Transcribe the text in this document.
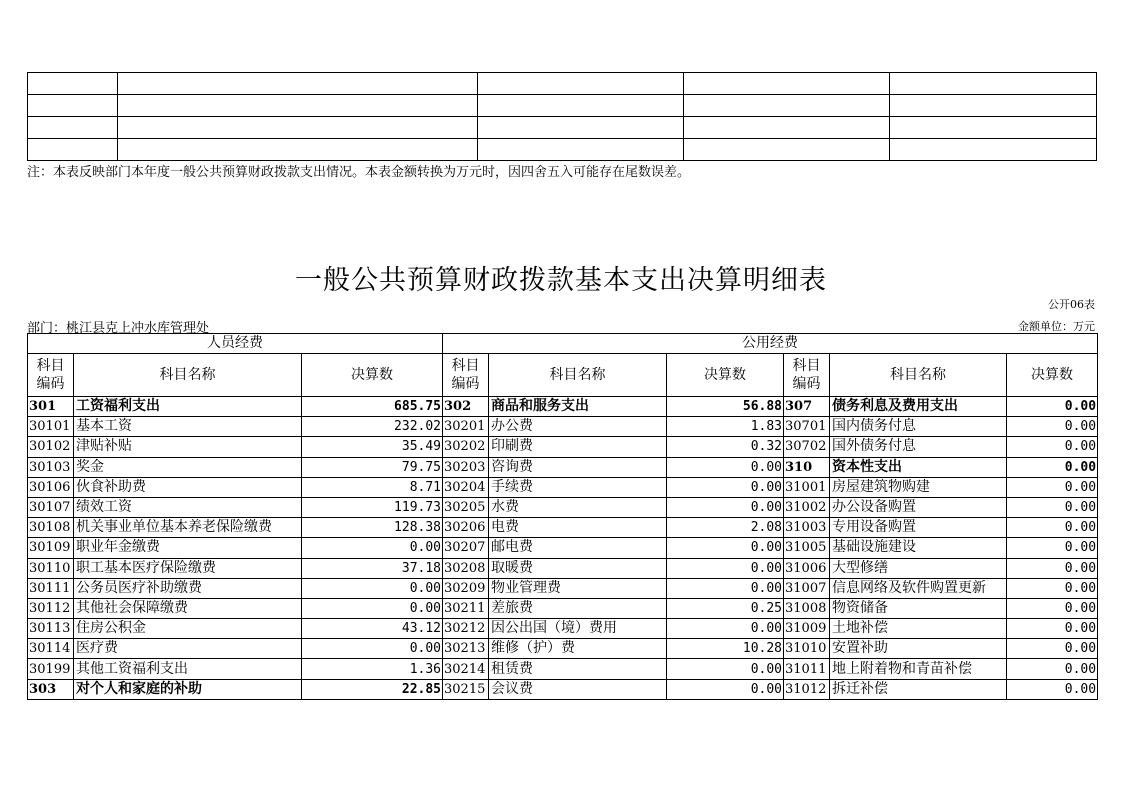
注：本表反映部门本年度一般公共预算财政拨款支出情况。本表金额转换为万元时，因四舍五入可能存在尾数误差。
一般公共预算财政拨款基本支出决算明细表
公开06表
部门：桃江县克上冲水库管理处	金额单位：万元
人员经费			公用经费					
科目编码	科目名称	决算数	科目编码	科目名称	决算数	科目编码	科目名称	决算数
301	工资福利支出	685.75	302	商品和服务支出	56.88	307	债务利息及费用支出	0.00
30101	基本工资	232.02	30201	办公费	1.83	30701	国内债务付息	0.00
30102	津贴补贴	35.49	30202	印刷费	0.32	30702	国外债务付息	0.00
30103	奖金	79.75	30203	咨询费	0.00	310	资本性支出	0.00
30106	伙食补助费	8.71	30204	手续费	0.00	31001	房屋建筑物购建	0.00
30107	绩效工资	119.73	30205	水费	0.00	31002	办公设备购置	0.00
30108	机关事业单位基本养老保险缴费	128.38	30206	电费	2.08	31003	专用设备购置	0.00
30109	职业年金缴费	0.00	30207	邮电费	0.00	31005	基础设施建设	0.00
30110	职工基本医疗保险缴费	37.18	30208	取暖费	0.00	31006	大型修缮	0.00
30111	公务员医疗补助缴费	0.00	30209	物业管理费	0.00	31007	信息网络及软件购置更新	0.00
30112	其他社会保障缴费	0.00	30211	差旅费	0.25	31008	物资储备	0.00
30113	住房公积金	43.12	30212	因公出国（境）费用	0.00	31009	土地补偿	0.00
30114	医疗费	0.00	30213	维修（护）费	10.28	31010	安置补助	0.00
30199	其他工资福利支出	1.36	30214	租赁费	0.00	31011	地上附着物和青苗补偿	0.00
303	对个人和家庭的补助	22.85	30215	会议费	0.00	31012	拆迁补偿	0.00
